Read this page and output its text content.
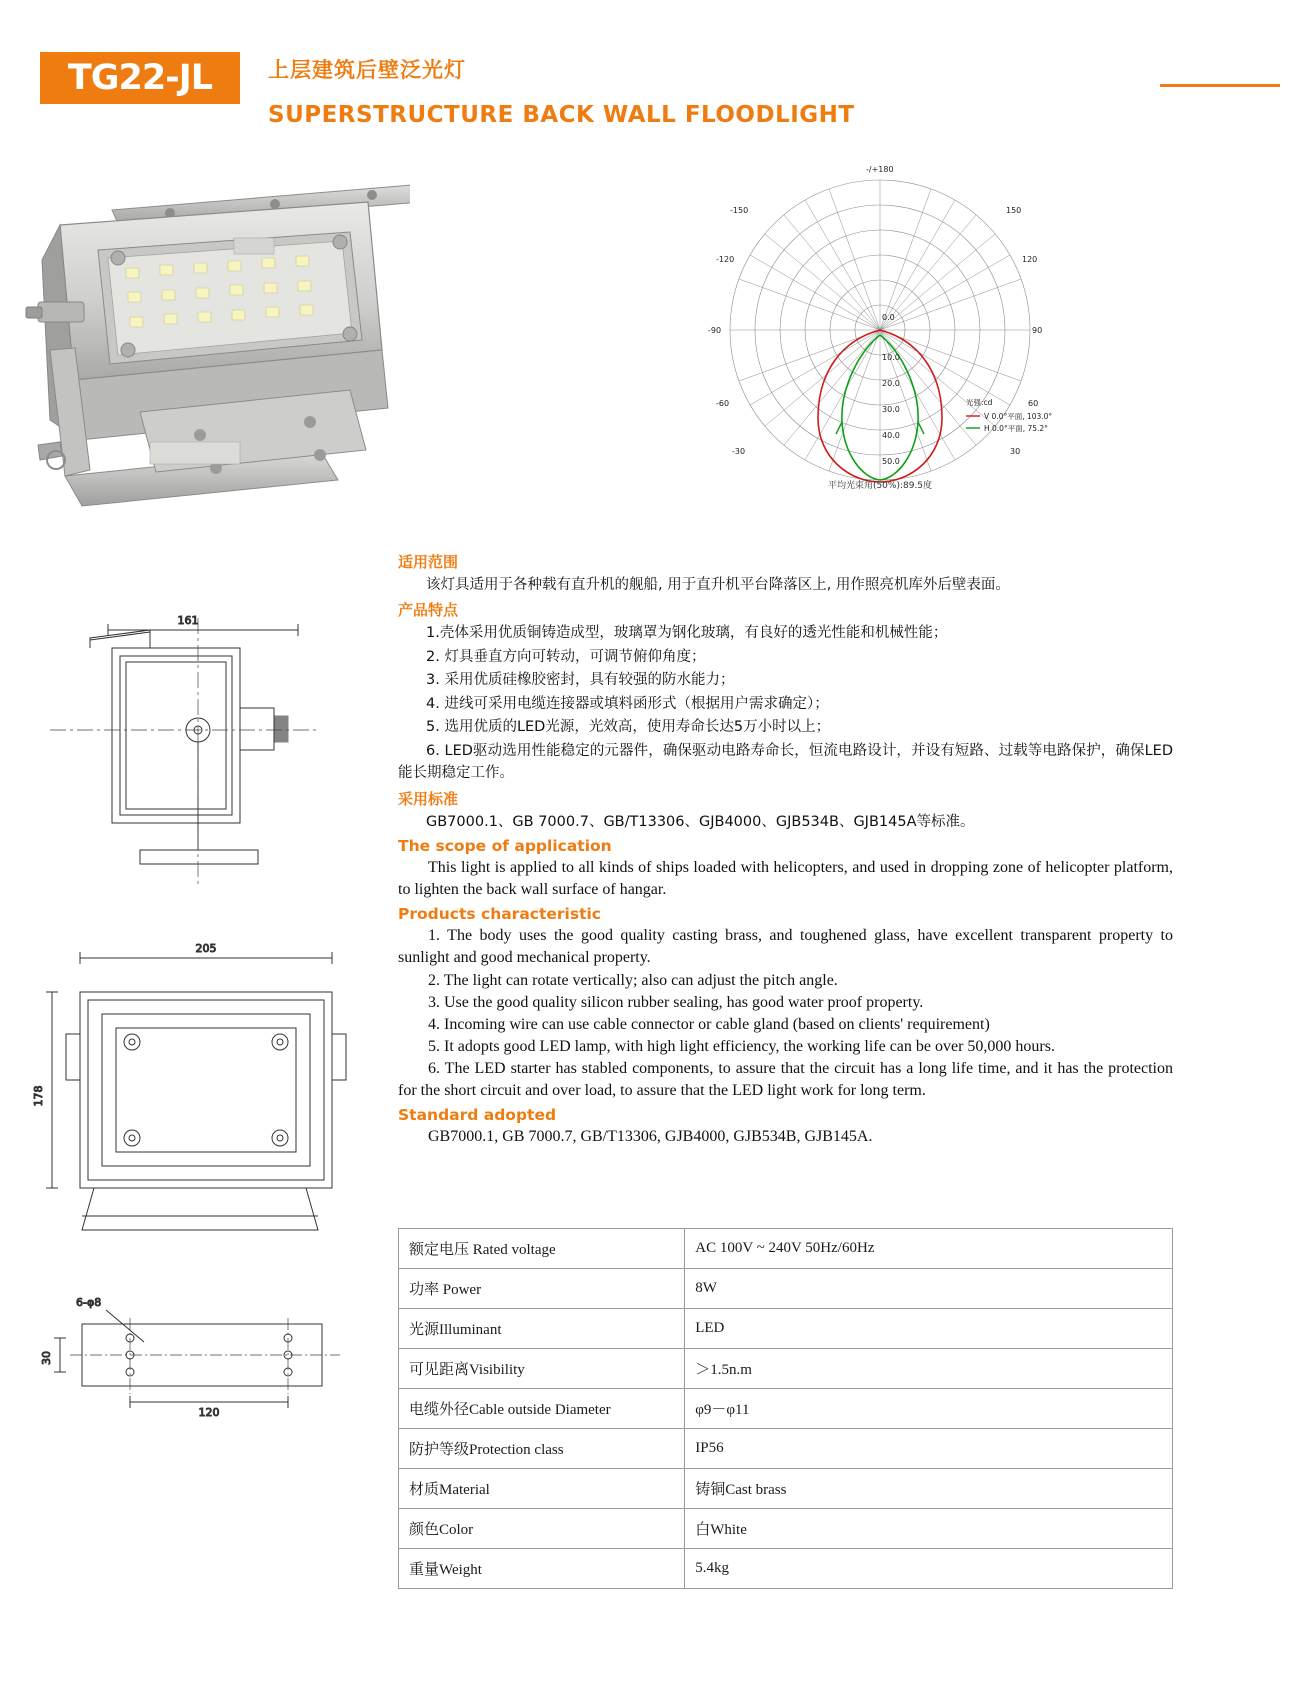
TG22-JL	上层建筑后壁泛光灯
SUPERSTRUCTURE BACK WALL FLOODLIGHT
-/+180
-150	150
-120	120
-90	90
-60	60
-30	30
0.0
10.0
20.0
30.0
40.0
50.0
光强:cd
V 0.0°平面, 103.0°
H 0.0°平面, 75.2°
平均光束角(50%):89.5度
161
205
178
6-φ8
30
120
适用范围

该灯具适用于各种载有直升机的舰船, 用于直升机平台降落区上, 用作照亮机库外后壁表面。

产品特点

1.壳体采用优质铜铸造成型，玻璃罩为钢化玻璃，有良好的透光性能和机械性能；

2. 灯具垂直方向可转动，可调节俯仰角度；

3. 采用优质硅橡胶密封，具有较强的防水能力；

4. 进线可采用电缆连接器或填料函形式（根据用户需求确定）；

5. 选用优质的LED光源，光效高，使用寿命长达5万小时以上；

6. LED驱动选用性能稳定的元器件，确保驱动电路寿命长，恒流电路设计，并设有短路、过载等电路保护，确保LED能长期稳定工作。

采用标准

GB7000.1、GB 7000.7、GB/T13306、GJB4000、GJB534B、GJB145A等标准。

The scope of application

This light is applied to all kinds of ships loaded with helicopters, and used in dropping zone of helicopter platform, to lighten the back wall surface of hangar.

Products characteristic

1. The body uses the good quality casting brass, and toughened glass, have excellent transparent property to sunlight and good mechanical property.

2. The light can rotate vertically; also can adjust the pitch angle.

3. Use the good quality silicon rubber sealing, has good water proof property.

4. Incoming wire can use cable connector or cable gland (based on clients' requirement)

5. It adopts good LED lamp, with high light efficiency, the working life can be over 50,000 hours.

6. The LED starter has stabled components, to assure that the circuit has a long life time, and it has the protection for the short circuit and over load, to assure that the LED light work for long term.

Standard adopted

GB7000.1, GB 7000.7, GB/T13306, GJB4000, GJB534B, GJB145A.

额定电压 Rated voltage	AC 100V ~ 240V 50Hz/60Hz
功率 Power	8W
光源Illuminant	LED
可见距离Visibility	＞1.5n.m
电缆外径Cable outside Diameter	φ9－φ11
防护等级Protection class	IP56
材质Material	铸铜Cast brass
颜色Color	白White
重量Weight	5.4kg
